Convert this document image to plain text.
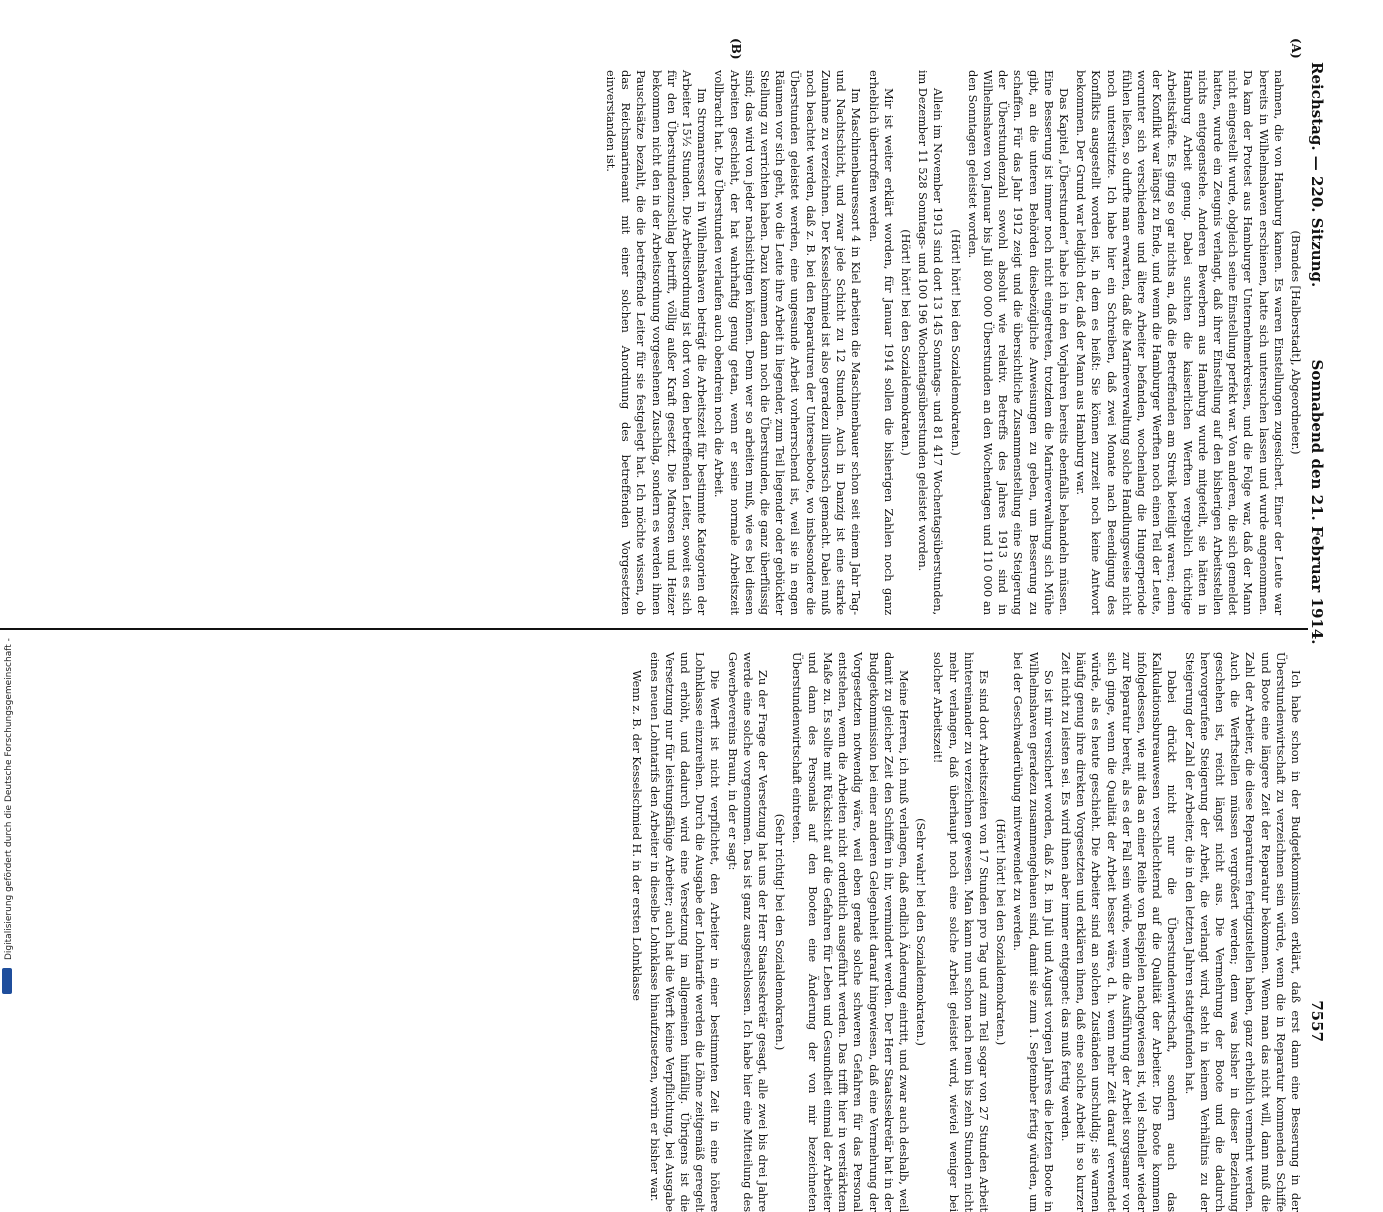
Reichstag. — 220. Sitzung.
Sonnabend den 21. Februar 1914.
7557
(A)
(B)

(Brandes [Halberstadt], Abgeordneter.)

nahmen, die von Hamburg kamen. Es waren Einstellungen zugesichert. Einer der Leute war bereits in Wilhelmshaven erschienen, hatte sich untersuchen lassen und wurde angenommen. Da kam der Protest aus Hamburger Unternehmerkreisen, und die Folge war, daß der Mann nicht eingestellt wurde, obgleich seine Einstellung perfekt war. Von anderen, die sich gemeldet hatten, wurde ein Zeugnis verlangt, daß ihrer Einstellung auf den bisherigen Arbeitsstellen nichts entgegenstehe. Anderen Bewerbern aus Hamburg wurde mitgeteilt, sie hätten in Hamburg Arbeit genug. Dabei suchten die kaiserlichen Werften vergeblich tüchtige Arbeitskräfte. Es ging so gar nichts an, daß die Betreffenden am Streik beteiligt waren; denn der Konflikt war längst zu Ende, und wenn die Hamburger Werften noch einen Teil der Leute, worunter sich verschiedene und ältere Arbeiter befanden, wochenlang die Hungerperiode fühlen ließen, so durfte man erwarten, daß die Marineverwaltung solche Handlungsweise nicht noch unterstützte. Ich habe hier ein Schreiben, daß zwei Monate nach Beendigung des Konflikts ausgestellt worden ist, in dem es heißt: Sie können zurzeit noch keine Antwort bekommen. Der Grund war lediglich der, daß der Mann aus Hamburg war.

Das Kapitel „Überstunden“ habe ich in den Vorjahren bereits ebenfalls behandeln müssen. Eine Besserung ist immer noch nicht eingetreten, trotzdem die Marineverwaltung sich Mühe gibt, an die unteren Behörden diesbezügliche Anweisungen zu geben, um Besserung zu schaffen. Für das Jahr 1912 zeigt und die übersichtliche Zusammenstellung eine Steigerung der Überstundenzahl sowohl absolut wie relativ. Betreffs des Jahres 1913 sind in Wilhelmshaven von Januar bis Juli 800 000 Überstunden an den Wochentagen und 110 000 an den Sonntagen geleistet worden.

(Hört! hört! bei den Sozialdemokraten.)

Allein im November 1913 sind dort 13 145 Sonntags- und 81 417 Wochentagsüberstunden, im Dezember 11 528 Sonntags- und 100 196 Wochentagsüberstunden geleistet worden.

(Hört! hört! bei den Sozialdemokraten.)

Mir ist weiter erklärt worden, für Januar 1914 sollen die bisherigen Zahlen noch ganz erheblich übertroffen werden.

Im Maschinenbauressort 4 in Kiel arbeiten die Maschinenbauer schon seit einem Jahr Tag- und Nachtschicht, und zwar jede Schicht zu 12 Stunden. Auch in Danzig ist eine starke Zunahme zu verzeichnen. Der Kesselschmied ist also geradezu illusorisch gemacht. Dabei muß noch beachtet werden, daß z. B. bei den Reparaturen der Unterseeboote, wo insbesondere die Überstunden geleistet werden, eine ungesunde Arbeit vorherrschend ist, weil sie in engen Räumen vor sich geht, wo die Leute ihre Arbeit in liegender, zum Teil liegender oder gebückter Stellung zu verrichten haben. Dazu kommen dann noch die Überstunden, die ganz überflüssig sind; das wird von jeder nachsichtigen können. Denn wer so arbeiten muß, wie es bei diesen Arbeiten geschieht, der hat wahrhaftig genug getan, wenn er seine normale Arbeitszeit vollbracht hat. Die Überstunden verlaufen auch obendrein noch die Arbeit.

Im Stromanressort in Wilhelmshaven beträgt die Arbeitszeit für bestimmte Kategorien der Arbeiter 15½ Stunden. Die Arbeitsordnung ist dort von den betreffenden Leiter, soweit es sich für den Überstundenzuschlag betrifft, völlig außer Kraft gesetzt. Die Matrosen und Heizer bekommen nicht den in der Arbeitsordnung vorgesehenen Zuschlag, sondern es werden ihnen Pauschsätze bezahlt, die die betreffende Leiter für sie festgelegt hat. Ich möchte wissen, ob das Reichsmarineamt mit einer solchen Anordnung des betreffenden Vorgesetzten einverstanden ist.

Ich habe schon in der Budgetkommission erklärt, daß erst dann eine Besserung in der Überstundenwirtschaft zu verzeichnen sein würde, wenn die in Reparatur kommenden Schiffe und Boote eine längere Zeit der Reparatur bekommen. Wenn man das nicht will, dann muß die Zahl der Arbeiter, die diese Reparaturen fertigzustellen haben, ganz erheblich vermehrt werden. Auch die Werftstellen müssen vergrößert werden; denn was bisher in dieser Beziehung geschehen ist, reicht längst nicht aus. Die Vermehrung der Boote und die dadurch hervorgerufene Steigerung der Arbeit, die verlangt wird, steht in keinem Verhältnis zu der Steigerung der Zahl der Arbeiter, die in den letzten Jahren stattgefunden hat.

Dabei drückt nicht nur die Überstundenwirtschaft, sondern auch das Kalkulationsbureauwesen verschlechternd auf die Qualität der Arbeiter. Die Boote kommen infolgedessen, wie mit das an einer Reihe von Beispielen nachgewiesen ist, viel schneller wieder zur Reparatur bereit, als es der Fall sein würde, wenn die Ausführung der Arbeit sorgsamer vor sich ginge, wenn die Qualität der Arbeit besser wäre, d. h. wenn mehr Zeit darauf verwendet würde, als es heute geschieht. Die Arbeiter sind an solchen Zuständen unschuldig; sie warnen häufig genug ihre direkten Vorgesetzten und erklären ihnen, daß eine solche Arbeit in so kurzer Zeit nicht zu leisten sei. Es wird ihnen aber immer entgegnet: das muß fertig werden.

So ist mir versichert worden, daß z. B. im Juli und August vorigen Jahres die letzten Boote in Wilhelmshaven geradezu zusammengehauen sind, damit sie zum 1. September fertig würden, um bei der Geschwaderübung mitverwendet zu werden.

(Hört! hört! bei den Sozialdemokraten.)

Es sind dort Arbeitszeiten von 17 Stunden pro Tag und zum Teil sogar von 27 Stunden Arbeit hintereinander zu verzeichnen gewesen. Man kann nun schon nach neun bis zehn Stunden nicht mehr verlangen, daß überhaupt noch eine solche Arbeit geleistet wird, wieviel weniger bei solcher Arbeitszeit!

(Sehr wahr! bei den Sozialdemokraten.)

Meine Herren, ich muß verlangen, daß endlich Änderung eintritt, und zwar auch deshalb, weil damit zu gleicher Zeit den Schiffen in ihr, vermindert werden. Der Herr Staatssekretär hat in der Budgetkommission bei einer anderen Gelegenheit darauf hingewiesen, daß eine Vermehrung der Vorgesetzten notwendig wäre, weil eben gerade solche schweren Gefahren für das Personal entstehen, wenn die Arbeiten nicht ordentlich ausgeführt werden. Das trifft hier in verstärktem Maße zu. Es sollte mit Rücksicht auf die Gefahren für Leben und Gesundheit einmal der Arbeiter und dann des Personals auf den Booten eine Änderung der von mir bezeichneten Überstundenwirtschaft eintreten.

(Sehr richtig! bei den Sozialdemokraten.)

Zu der Frage der Versetzung hat uns der Herr Staatssekretär gesagt, alle zwei bis drei Jahre werde eine solche vorgenommen. Das ist ganz ausgeschlossen. Ich habe hier eine Mitteilung des Gewerbevereins Braun, in der er sagt:

Die Werft ist nicht verpflichtet, den Arbeiter in einer bestimmten Zeit in eine höhere Lohnklasse einzureihen. Durch die Ausgabe der Lohntarife werden die Löhne zeitgemäß geregelt und erhöht, und dadurch wird eine Versetzung im allgemeinen hinfällig. Übrigens ist die Versetzung nur für leistungsfähige Arbeiter; auch hat die Werft keine Verpflichtung, bei Ausgabe eines neuen Lohntarifs den Arbeiter in dieselbe Lohnklasse hinaufzusetzen, worin er bisher war.

Wenn z. B. der Kesselschmied H. in der ersten Lohnklasse

Digitalisierung gefördert durch die Deutsche Forschungsgemeinschaft -
